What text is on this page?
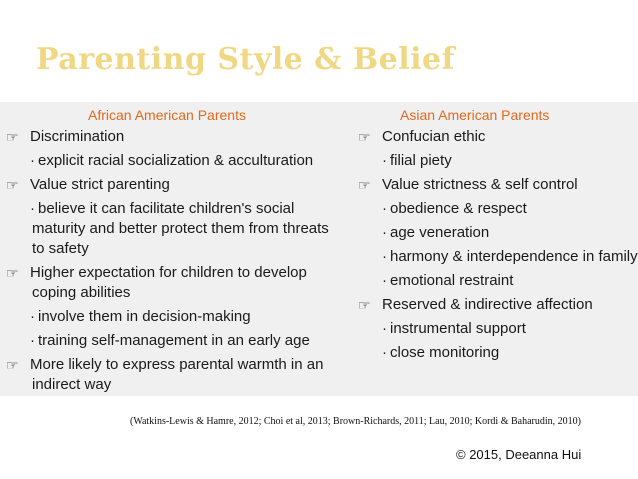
Parenting Style & Belief
African American Parents
☞ Discrimination
· explicit racial socialization & acculturation
☞ Value strict parenting
· believe it can facilitate children's social
maturity and better protect them from threats
to safety
☞ Higher expectation for children to develop
coping abilities
· involve them in decision-making
· training self-management in an early age
☞ More likely to express parental warmth in an
indirect way
Asian American Parents
☞ Confucian ethic
· filial piety
☞ Value strictness & self control
· obedience & respect
· age veneration
· harmony & interdependence in family
· emotional restraint
☞ Reserved & indirective affection
· instrumental support
· close monitoring
(Watkins-Lewis & Hamre, 2012; Choi et al, 2013; Brown-Richards, 2011; Lau, 2010; Kordi & Baharudin, 2010)
© 2015, Deeanna Hui
